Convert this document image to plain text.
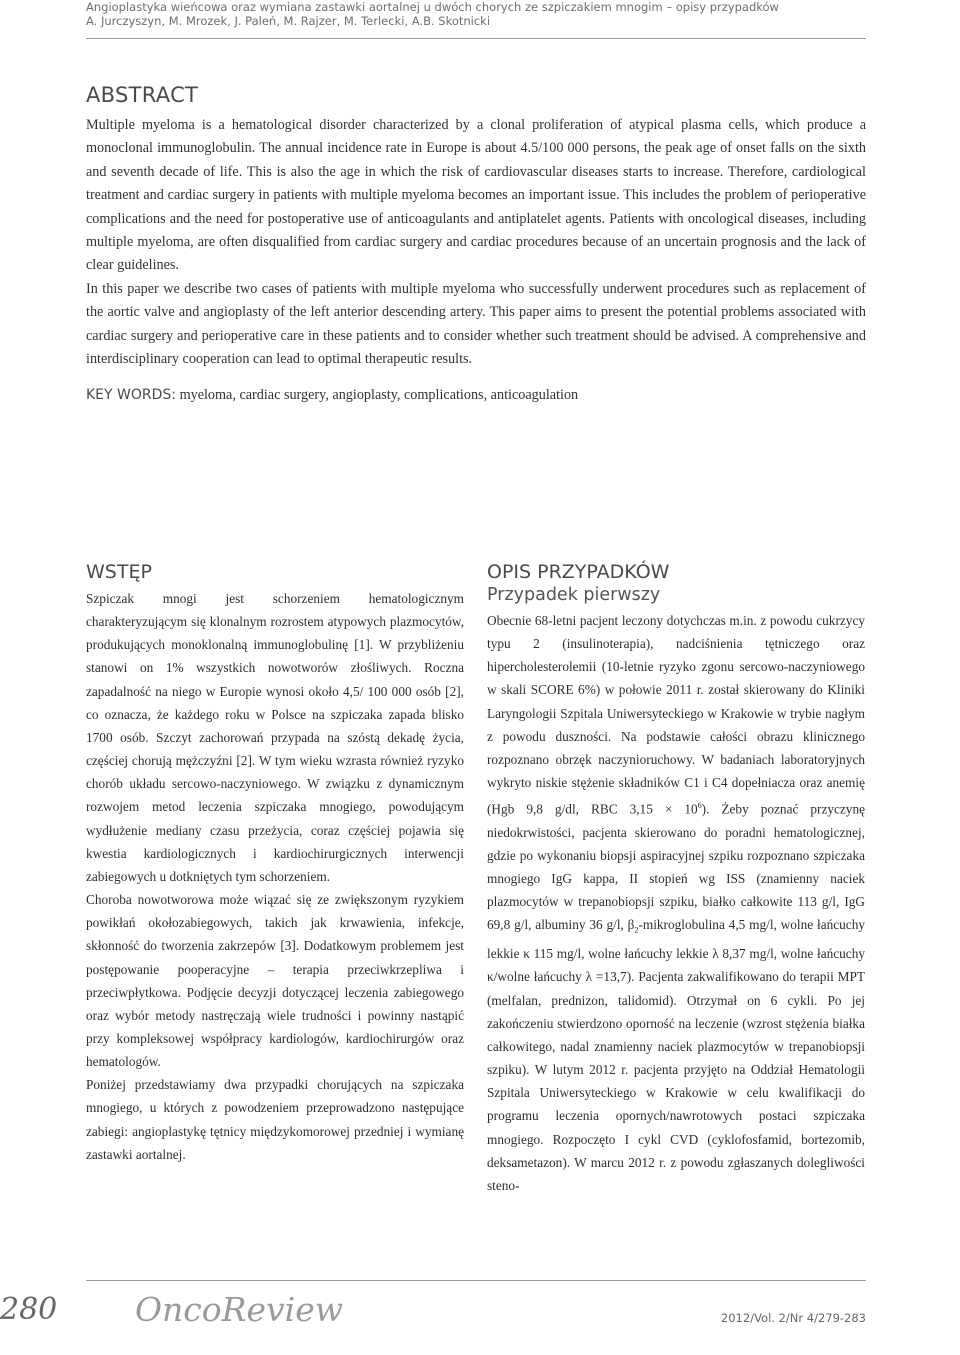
Angioplastyka wieńcowa oraz wymiana zastawki aortalnej u dwóch chorych ze szpiczakiem mnogim – opisy przypadków
A. Jurczyszyn, M. Mrozek, J. Paleń, M. Rajzer, M. Terlecki, A.B. Skotnicki
ABSTRACT

Multiple myeloma is a hematological disorder characterized by a clonal proliferation of atypical plasma cells, which produce a monoclonal immunoglobulin. The annual incidence rate in Europe is about 4.5/100 000 persons, the peak age of onset falls on the sixth and seventh decade of life. This is also the age in which the risk of cardiovascular diseases starts to increase. Therefore, cardiological treatment and cardiac surgery in patients with multiple myeloma becomes an important issue. This includes the problem of perioperative complications and the need for postoperative use of anticoagulants and antiplatelet agents. Patients with oncological diseases, including multiple myeloma, are often disqualified from cardiac surgery and cardiac procedures because of an uncertain prognosis and the lack of clear guidelines.

In this paper we describe two cases of patients with multiple myeloma who successfully underwent procedures such as replacement of the aortic valve and angioplasty of the left anterior descending artery. This paper aims to present the potential problems associated with cardiac surgery and perioperative care in these patients and to consider whether such treatment should be advised. A comprehensive and interdisciplinary cooperation can lead to optimal therapeutic results.

KEY WORDS: myeloma, cardiac surgery, angioplasty, complications, anticoagulation
WSTĘP

Szpiczak mnogi jest schorzeniem hematologicznym charakteryzującym się klonalnym rozrostem atypowych plazmocytów, produkujących monoklonalną immunoglobulinę [1]. W przybliżeniu stanowi on 1% wszystkich nowotworów złośliwych. Roczna zapadalność na niego w Europie wynosi około 4,5/ 100 000 osób [2], co oznacza, że każdego roku w Polsce na szpiczaka zapada blisko 1700 osób. Szczyt zachorowań przypada na szóstą dekadę życia, częściej chorują mężczyźni [2]. W tym wieku wzrasta również ryzyko chorób układu sercowo-naczyniowego. W związku z dynamicznym rozwojem metod leczenia szpiczaka mnogiego, powodującym wydłużenie mediany czasu przeżycia, coraz częściej pojawia się kwestia kardiologicznych i kardiochirurgicznych interwencji zabiegowych u dotkniętych tym schorzeniem.

Choroba nowotworowa może wiązać się ze zwiększonym ryzykiem powikłań okołozabiegowych, takich jak krwawienia, infekcje, skłonność do tworzenia zakrzepów [3]. Dodatkowym problemem jest postępowanie pooperacyjne – terapia przeciwkrzepliwa i przeciwpłytkowa. Podjęcie decyzji dotyczącej leczenia zabiegowego oraz wybór metody nastręczają wiele trudności i powinny nastąpić przy kompleksowej współpracy kardiologów, kardiochirurgów oraz hematologów.

Poniżej przedstawiamy dwa przypadki chorujących na szpiczaka mnogiego, u których z powodzeniem przeprowadzono następujące zabiegi: angioplastykę tętnicy międzykomorowej przedniej i wymianę zastawki aortalnej.

OPIS PRZYPADKÓW
Przypadek pierwszy

Obecnie 68-letni pacjent leczony dotychczas m.in. z powodu cukrzycy typu 2 (insulinoterapia), nadciśnienia tętniczego oraz hipercholesterolemii (10-letnie ryzyko zgonu sercowo-naczyniowego w skali SCORE 6%) w połowie 2011 r. został skierowany do Kliniki Laryngologii Szpitala Uniwersyteckiego w Krakowie w trybie nagłym z powodu duszności. Na podstawie całości obrazu klinicznego rozpoznano obrzęk naczynioruchowy. W badaniach laboratoryjnych wykryto niskie stężenie składników C1 i C4 dopełniacza oraz anemię (Hgb 9,8 g/dl, RBC $3,15 \times 10^6$). Żeby poznać przyczynę niedokrwistości, pacjenta skierowano do poradni hematologicznej, gdzie po wykonaniu biopsji aspiracyjnej szpiku rozpoznano szpiczaka mnogiego IgG kappa, II stopień wg ISS (znamienny naciek plazmocytów w trepanobiopsji szpiku, białko całkowite 113 g/l, IgG 69,8 g/l, albuminy 36 g/l, $\beta_2$-mikroglobulina 4,5 mg/l, wolne łańcuchy lekkie κ 115 mg/l, wolne łańcuchy lekkie λ 8,37 mg/l, wolne łańcuchy κ/wolne łańcuchy λ =13,7). Pacjenta zakwalifikowano do terapii MPT (melfalan, prednizon, talidomid). Otrzymał on 6 cykli. Po jej zakończeniu stwierdzono oporność na leczenie (wzrost stężenia białka całkowitego, nadal znamienny naciek plazmocytów w trepanobiopsji szpiku). W lutym 2012 r. pacjenta przyjęto na Oddział Hematologii Szpitala Uniwersyteckiego w Krakowie w celu kwalifikacji do programu leczenia opornych/nawrotowych postaci szpiczaka mnogiego. Rozpoczęto I cykl CVD (cyklofosfamid, bortezomib, deksametazon). W marcu 2012 r. z powodu zgłaszanych dolegliwości steno-

280 OncoReview	2012/Vol. 2/Nr 4/279-283
